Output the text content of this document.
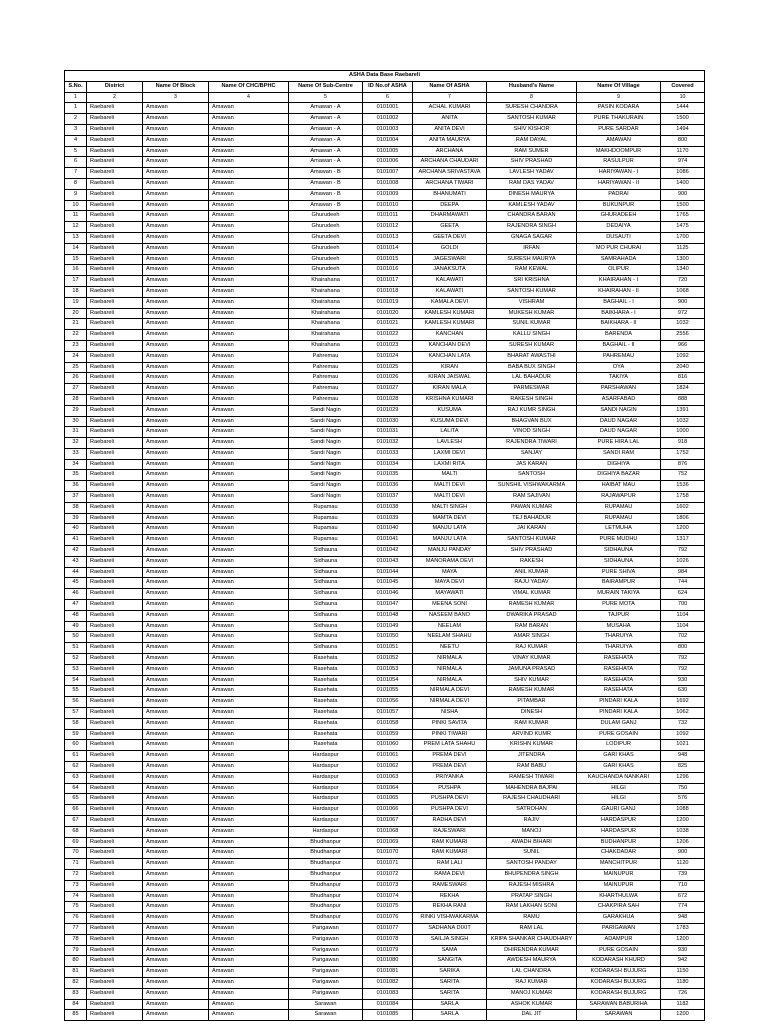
ASHA Data Base Raebareli									
S.No.	District	Name Of Block	Name Of CHC/BPHC	Name Of Sub-Centre	ID No.of ASHA	Name Of ASHA	Husband's Name	Name Of Village	Covered
1	2	3	4	5	6	7	8	9	10
1	Raebareli	Amawan	Amawan	Amawan - A	0101001	ACHAL KUMARI	SURESH CHANDRA	PASIN KODARA	1444
2	Raebareli	Amawan	Amawan	Amawan - A	0101002	ANITA	SANTOSH KUMAR	PURE THAKURAIN	1500
3	Raebareli	Amawan	Amawan	Amawan - A	0101003	ANITA DEVI	SHIV KISHOR	PURE SARDAR	1494
4	Raebareli	Amawan	Amawan	Amawan - A	0101004	ANITA MAURYA	RAM DAYAL	AMAWAN	800
5	Raebareli	Amawan	Amawan	Amawan - A	0101005	ARCHANA	RAM SUMER	MAKHDOOMPUR	1170
6	Raebareli	Amawan	Amawan	Amawan - A	0101006	ARCHANA CHAUDARI	SHIV PRASHAD	RASULPUR	974
7	Raebareli	Amawan	Amawan	Amawan - B	0101007	ARCHANA SRIVASTAVA	LAVLESH YADAV	HARIYAWAN - I	1086
8	Raebareli	Amawan	Amawan	Amawan - B	0101008	ARCHANA TIWARI	RAM DAS YADAV	HARIYAWAN - II	1400
9	Raebareli	Amawan	Amawan	Amawan - B	0101009	BHANUMATI	DINESH MAURYA	PADRAI	900
10	Raebareli	Amawan	Amawan	Amawan - B	0101010	DEEPA	KAMLESH YADAV	BUKUNPUR	1500
11	Raebareli	Amawan	Amawan	Ghurudeeh	0101011	DHARMAWATI	CHANDRA BARAN	GHURADEEH	1765
12	Raebareli	Amawan	Amawan	Ghurudeeh	0101012	GEETA	RAJENDRA SINGH	DEDAIYA	1475
13	Raebareli	Amawan	Amawan	Ghurudeeh	0101013	GEETA DEVI	GNAGA SAGAR	DUSAUTI	1700
14	Raebareli	Amawan	Amawan	Ghurudeeh	0101014	GOLDI	IRFAN	MO PUR CHURAI	1125
15	Raebareli	Amawan	Amawan	Ghurudeeh	0101015	JAGESWARI	SURESH MAURYA	SAMRAHADA	1300
16	Raebareli	Amawan	Amawan	Ghurudeeh	0101016	JANAKSUTA	RAM KEWAL	OLIPUR	1340
17	Raebareli	Amawan	Amawan	Khairahana	0101017	KALAWATI	SRI KRISHNA	KHAIRAHAN - I	720
18	Raebareli	Amawan	Amawan	Khairahana	0101018	KALAWATI	SANTOSH KUMAR	KHAIRAHAN - II	1068
19	Raebareli	Amawan	Amawan	Khairahana	0101019	KAMALA DEVI	VISHRAM	BAGHAIL - I	900
20	Raebareli	Amawan	Amawan	Khairahana	0101020	KAMLESH KUMARI	MUKESH KUMAR	BAIKHARA - I	972
21	Raebareli	Amawan	Amawan	Khairahana	0101021	KAMLESH KUMARI	SUNIL KUMAR	BAIKHARA - II	1032
22	Raebareli	Amawan	Amawan	Khairahana	0101022	KANCHAN	KALLU SINGH	BARENDA	2556
23	Raebareli	Amawan	Amawan	Khairahana	0101023	KANCHAN DEVI	SURESH KUMAR	BAGHAIL - II	966
24	Raebareli	Amawan	Amawan	Pahremau	0101024	KANCHAN LATA	BHARAT AWASTHI	PAHREMAU	1092
25	Raebareli	Amawan	Amawan	Pahremau	0101025	KIRAN	BABA BUX SINGH	OYA	2040
26	Raebareli	Amawan	Amawan	Pahremau	0101026	KIRAN JAISWAL	LAL BAHADUR	TAKIYA	816
27	Raebareli	Amawan	Amawan	Pahremau	0101027	KIRAN MALA	PARMESWAR	PARSHAWAN	1824
28	Raebareli	Amawan	Amawan	Pahremau	0101028	KRISHNA KUMARI	RAKESH SINGH	ASARFABAD	888
29	Raebareli	Amawan	Amawan	Sandi Nagin	0101029	KUSUMA	RAJ KUMR SINGH	SANDI NAGIN	1391
30	Raebareli	Amawan	Amawan	Sandi Nagin	0101030	KUSUMA DEVI	BHAGVAN BUX	DAUD NAGAR	1032
31	Raebareli	Amawan	Amawan	Sandi Nagin	0101031	LALITA	VINOD SINGH	DAUD NAGAR	1000
32	Raebareli	Amawan	Amawan	Sandi Nagin	0101032	LAVLESH	RAJENDRA TIWARI	PURE HIRA LAL	918
33	Raebareli	Amawan	Amawan	Sandi Nagin	0101033	LAXMI DEVI	SANJAY	SANDI RAM	1752
34	Raebareli	Amawan	Amawan	Sandi Nagin	0101034	LAXMI RITA	JAS KARAN	DIGHIYA	876
35	Raebareli	Amawan	Amawan	Sandi Nagin	0101035	MALTI	SANTOSH	DIGHIYA BAZAR	752
36	Raebareli	Amawan	Amawan	Sandi Nagin	0101036	MALTI DEVI	SUNSHIL VISHWAKARMA	HAIBAT MAU	1536
37	Raebareli	Amawan	Amawan	Sandi Nagin	0101037	MALTI DEVI	RAM SAJIVAN	RAJAWAPUR	1758
38	Raebareli	Amawan	Amawan	Rupamau	0101038	MALTI SINGH	PAWAN KUMAR	RUPAMAU	1602
39	Raebareli	Amawan	Amawan	Rupamau	0101039	MAMTA DEVI	TEJ BAHADUR	RUPAMAU	1806
40	Raebareli	Amawan	Amawan	Rupamau	0101040	MANJU LATA	JAI KARAN	LETMUHA	1200
41	Raebareli	Amawan	Amawan	Rupamau	0101041	MANJU LATA	SANTOSH KUMAR	PURE MUDHU	1317
42	Raebareli	Amawan	Amawan	Sidhauna	0101042	MANJU PANDAY	SHIV PRASHAD	SIDHAUNA	792
43	Raebareli	Amawan	Amawan	Sidhauna	0101043	MANORAMA DEVI	RAKESH	SIDHAUNA	1026
44	Raebareli	Amawan	Amawan	Sidhauna	0101044	MAYA	ANIL KUMAR	PURE SHIVA	984
45	Raebareli	Amawan	Amawan	Sidhauna	0101045	MAYA DEVI	RAJU YADAV	BAIRAMPUR	744
46	Raebareli	Amawan	Amawan	Sidhauna	0101046	MAYAWATI	VIMAL KUMAR	MURAIN TAKIYA	624
47	Raebareli	Amawan	Amawan	Sidhauna	0101047	MEENA SONI	RAMESH KUMAR	PURE MOTA	700
48	Raebareli	Amawan	Amawan	Sidhauna	0101048	NASEEM BANO	DWARIKA PRASAD	TAJPUR	1104
49	Raebareli	Amawan	Amawan	Sidhauna	0101049	NEELAM	RAM BARAN	MUSAHA	1104
50	Raebareli	Amawan	Amawan	Sidhauna	0101050	NEELAM SHAHU	AMAR SINGH	THARUIYA	702
51	Raebareli	Amawan	Amawan	Sidhauna	0101051	NEETU	RAJ KUMAR	THARUIYA	800
52	Raebareli	Amawan	Amawan	Rasehata	0101052	NIRMALA	VINAY KUMAR	RASEHATA	792
53	Raebareli	Amawan	Amawan	Rasehata	0101053	NIRMALA	JAMUNA PRASAD	RASEHATA	792
54	Raebareli	Amawan	Amawan	Rasehata	0101054	NIRMALA	SHIV KUMAR	RASEHATA	930
55	Raebareli	Amawan	Amawan	Rasehata	0101055	NIRMALA DEVI	RAMESH KUMAR	RASEHATA	630
56	Raebareli	Amawan	Amawan	Rasehata	0101056	NIRMALA DEVI	PITAMBAR	PINDARI KALA	1692
57	Raebareli	Amawan	Amawan	Rasehata	0101057	NISHA	DINESH	PINDARI KALA	1062
58	Raebareli	Amawan	Amawan	Rasehata	0101058	PINKI SAVITA	RAM KUMAR	DULAM GANJ	732
59	Raebareli	Amawan	Amawan	Rasehata	0101059	PINKI TIWARI	ARVIND KUMR	PURE GOSAIN	1092
60	Raebareli	Amawan	Amawan	Rasehata	0101060	PREM LATA SHAHU	KRISHN KUMAR	LODIPUR	1021
61	Raebareli	Amawan	Amawan	Hardaspur	0101061	PREMA DEVI	JITENDRA	GARI KHAS	948
62	Raebareli	Amawan	Amawan	Hardaspur	0101062	PREMA DEVI	RAM BABU	GARI KHAS	825
63	Raebareli	Amawan	Amawan	Hardaspur	0101063	PRIYANKA	RAMESH TIWARI	KAUCHANDA NANKARI	1296
64	Raebareli	Amawan	Amawan	Hardaspur	0101064	PUSHPA	MAHENDRA BAJPAI	HILGI	750
65	Raebareli	Amawan	Amawan	Hardaspur	0101065	PUSHPA DEVI	RAJESH CHAUDHARI	HILGI	576
66	Raebareli	Amawan	Amawan	Hardaspur	0101066	PUSHPA DEVI	SATROHAN	GAURI GANJ	1088
67	Raebareli	Amawan	Amawan	Hardaspur	0101067	RADHA DEVI	RAJIV	HARDASPUR	1200
68	Raebareli	Amawan	Amawan	Hardaspur	0101068	RAJESWARI	MANOJ	HARDASPUR	1038
69	Raebareli	Amawan	Amawan	Bhudhanpur	0101069	RAM KUMARI	AWADH BIHARI	BUDHANPUR	1206
70	Raebareli	Amawan	Amawan	Bhudhanpur	0101070	RAM KUMARI	SUNIL	CHAKDADAR	900
71	Raebareli	Amawan	Amawan	Bhudhanpur	0101071	RAM LALI	SANTOSH PANDAY	MANCHITPUR	1120
72	Raebareli	Amawan	Amawan	Bhudhanpur	0101072	RAMA DEVI	BHUPENDRA SINGH	MAINUPUR	739
73	Raebareli	Amawan	Amawan	Bhudhanpur	0101073	RAMESWARI	RAJESH MISHRA	MAINUPUR	710
74	Raebareli	Amawan	Amawan	Bhudhanpur	0101074	REKHA	PRATAP SINGH	KHARTHULWA	672
75	Raebareli	Amawan	Amawan	Bhudhanpur	0101075	REKHA RANI	RAM LAKHAN SONI	CHAKPIRA SAH	774
76	Raebareli	Amawan	Amawan	Bhudhanpur	0101076	RINKI VISHWAKARMA	RAMU	GARAKHUA	948
77	Raebareli	Amawan	Amawan	Parigawan	0101077	SADHANA DIXIT	RAM LAL	PARIGAWAN	1783
78	Raebareli	Amawan	Amawan	Parigawan	0101078	SAILJA SINGH	KRIPA SHANKAR CHAUDHARY	ADAMPUR	1200
79	Raebareli	Amawan	Amawan	Parigawan	0101079	SAMA	DHIRENDRA KUMAR	PURE GOSAIN	930
80	Raebareli	Amawan	Amawan	Parigawan	0101080	SANGITA	AWDESH MAURYA	KODARASH KHURD	942
81	Raebareli	Amawan	Amawan	Parigawan	0101081	SARIKA	LAL CHANDRA	KODARASH BUJURG	1150
82	Raebareli	Amawan	Amawan	Parigawan	0101082	SARITA	RAJ KUMAR	KODARASH BUJURG	1180
83	Raebareli	Amawan	Amawan	Parigawan	0101083	SARITA	MANOJ KUMAR	KODARASH BUJURG	726
84	Raebareli	Amawan	Amawan	Sarawan	0101084	SARLA	ASHOK KUMAR	SARAWAN BABURIHA	1182
85	Raebareli	Amawan	Amawan	Sarawan	0101085	SARLA	DAL JIT	SARAWAN	1200
